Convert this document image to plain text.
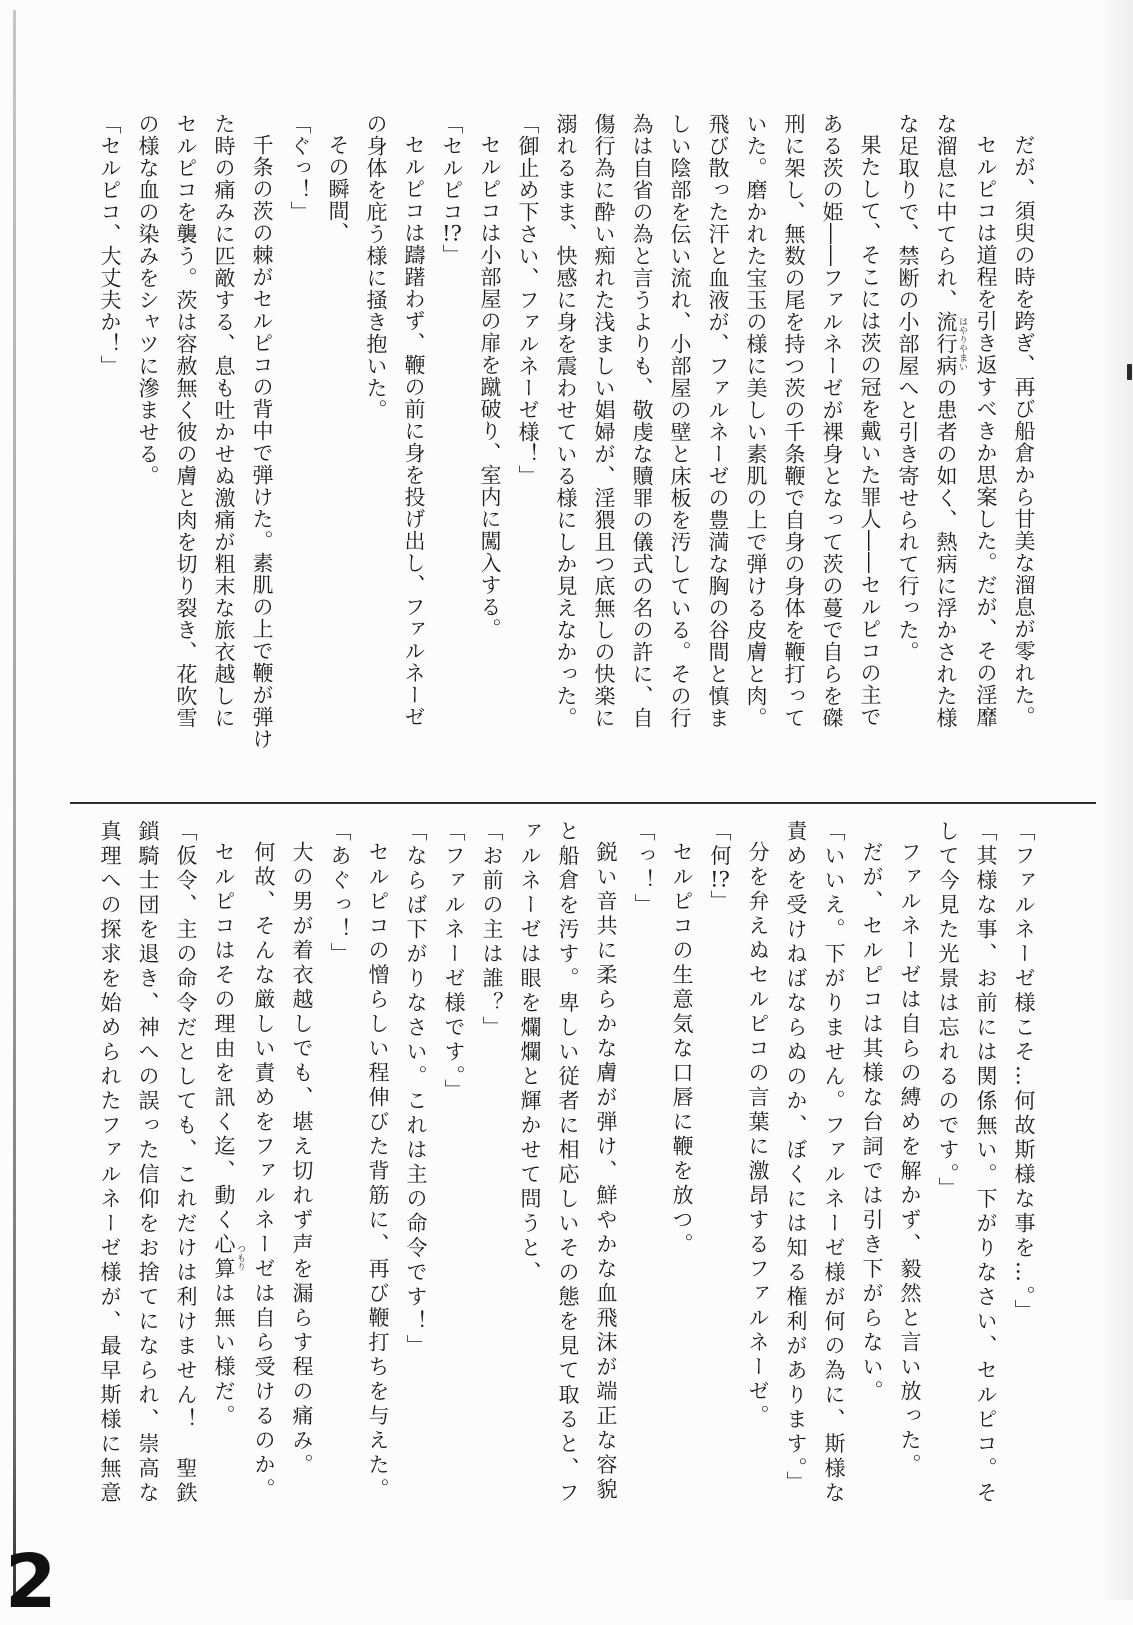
だが、須臾の時を跨ぎ、再び船倉から甘美な溜息が零れた。

セルピコは道程を引き返すべきか思案した。だが、その淫靡

な溜息に中てられ、流行病 はやりやまいの患者の如く、熱病に浮かされた様

な足取りで、禁断の小部屋へと引き寄せられて行った。

果たして、そこには茨の冠を戴いた罪人――セルピコの主で

ある茨の姫――ファルネーゼが裸身となって茨の蔓で自らを磔

刑に架し、無数の尾を持つ茨の千条鞭で自身の身体を鞭打って

いた。磨かれた宝玉の様に美しい素肌の上で弾ける皮膚と肉。

飛び散った汗と血液が、ファルネーゼの豊満な胸の谷間と慎ま

しい陰部を伝い流れ、小部屋の壁と床板を汚している。その行

為は自省の為と言うよりも、敬虔な贖罪の儀式の名の許に、自

傷行為に酔い痴れた浅ましい娼婦が、淫猥且つ底無しの快楽に

溺れるまま、快感に身を震わせている様にしか見えなかった。

「御止め下さい、ファルネーゼ様！」

セルピコは小部屋の扉を蹴破り、室内に闖入する。

「セルピコ!?」

セルピコは躊躇わず、鞭の前に身を投げ出し、ファルネーゼ

の身体を庇う様に掻き抱いた。

その瞬間、

「ぐっ！」

千条の茨の棘がセルピコの背中で弾けた。素肌の上で鞭が弾け

た時の痛みに匹敵する、息も吐かせぬ激痛が粗末な旅衣越しに

セルピコを襲う。茨は容赦無く彼の膚と肉を切り裂き、花吹雪

の様な血の染みをシャツに滲ませる。

「セルピコ、大丈夫か！」

「ファルネーゼ様こそ…何故斯様な事を…。」

「其様な事、お前には関係無い。下がりなさい、セルピコ。そ

して今見た光景は忘れるのです。」

ファルネーゼは自らの縛めを解かず、毅然と言い放った。

だが、セルピコは其様な台詞では引き下がらない。

「いいえ。下がりません。ファルネーゼ様が何の為に、斯様な

責めを受けねばならぬのか、ぼくには知る権利があります。」

分を弁えぬセルピコの言葉に激昂するファルネーゼ。

「何!?」

セルピコの生意気な口唇に鞭を放つ。

「っ！」

鋭い音共に柔らかな膚が弾け、鮮やかな血飛沫が端正な容貌

と船倉を汚す。卑しい従者に相応しいその態を見て取ると、フ

ァルネーゼは眼を爛爛と輝かせて問うと、

「お前の主は誰？」

「ファルネーゼ様です。」

「ならば下がりなさい。これは主の命令です！」

セルピコの憎らしい程伸びた背筋に、再び鞭打ちを与えた。

「あぐっ！」

大の男が着衣越しでも、堪え切れず声を漏らす程の痛み。

何故、そんな厳しい責めをファルネーゼは自ら受けるのか。

セルピコはその理由を訊く迄、動く心算 つもりは無い様だ。

「仮令、主の命令だとしても、これだけは利けません！　聖鉄

鎖騎士団を退き、神への誤った信仰をお捨てになられ、崇高な

真理への探求を始められたファルネーゼ様が、最早斯様に無意

2
